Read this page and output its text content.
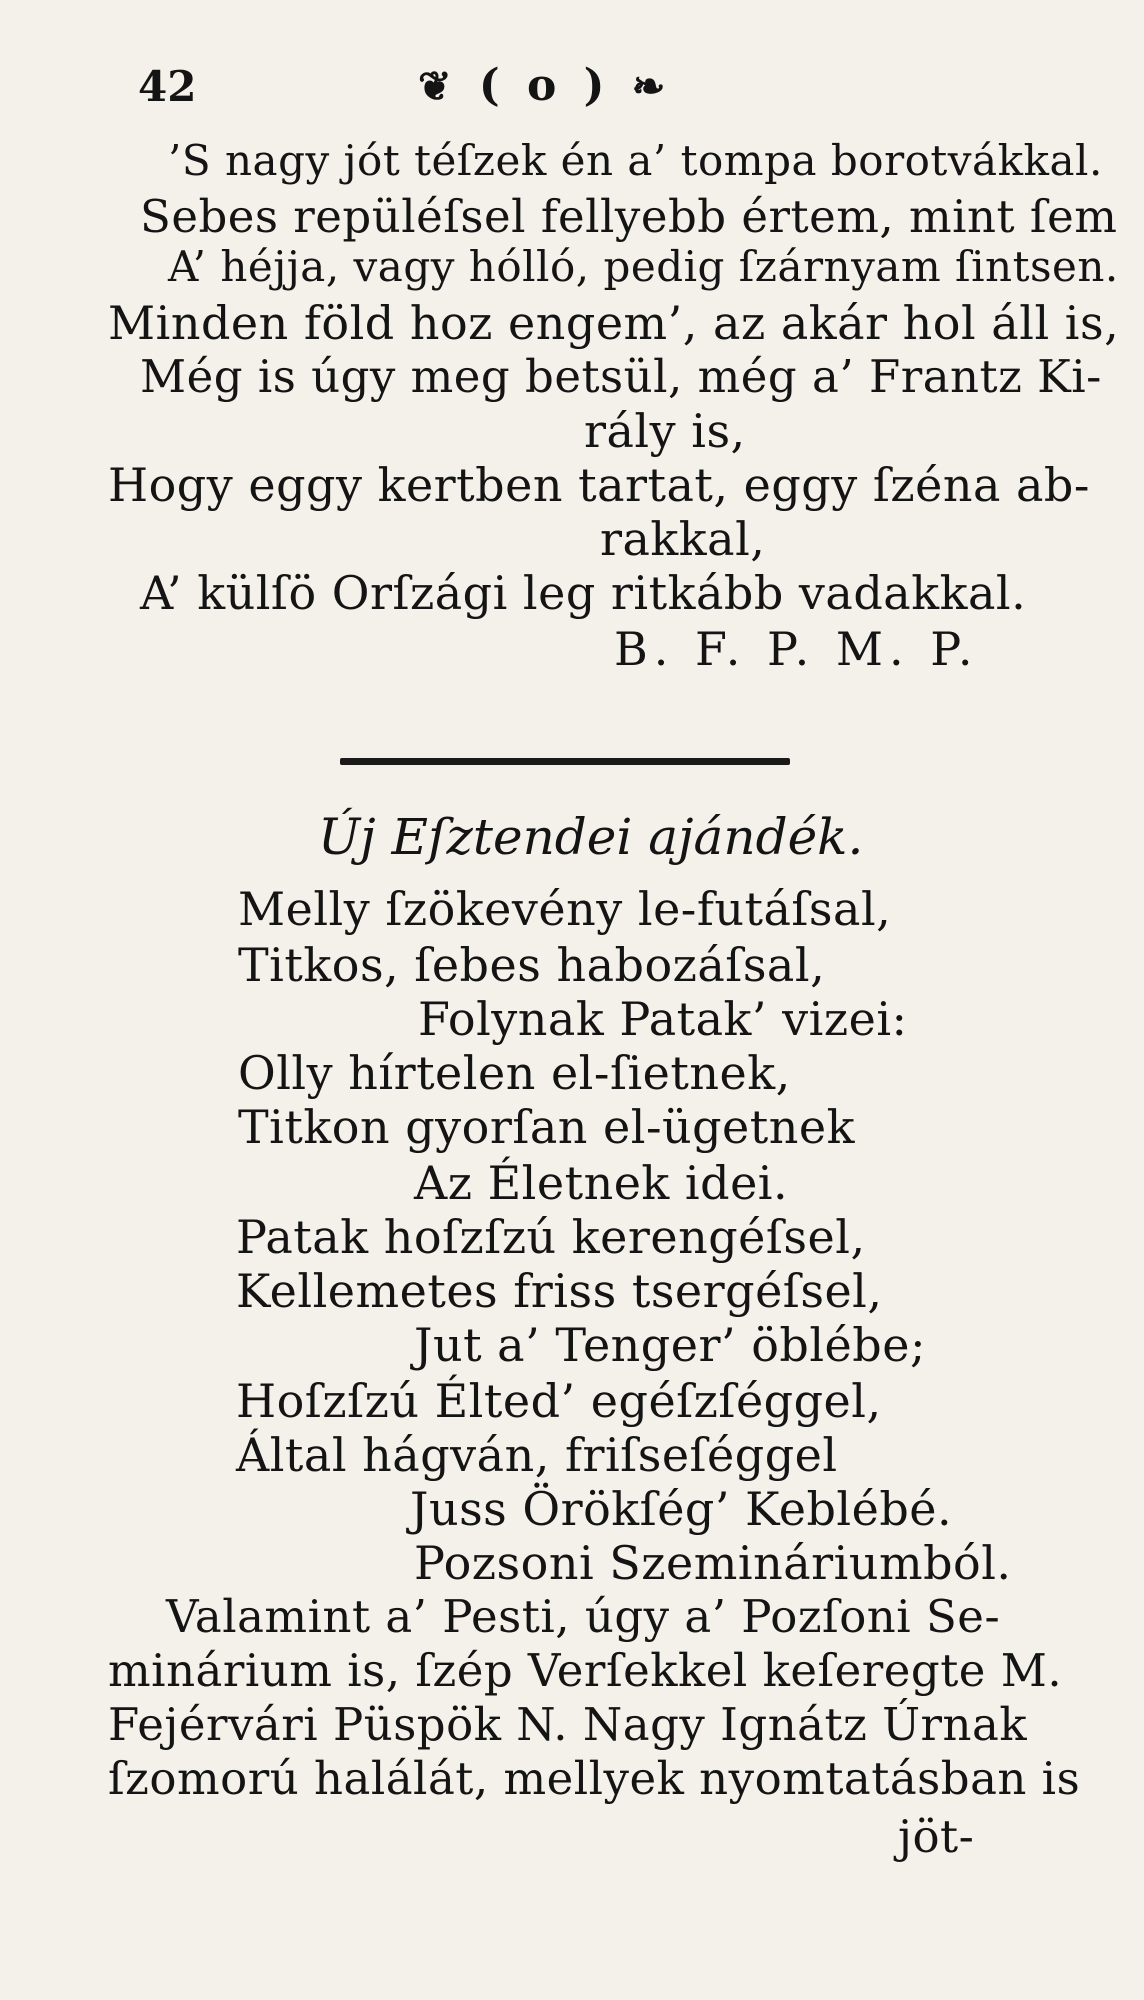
42	❦ ( o ) ❧
’S nagy jót téſzek én a’ tompa borotvákkal.
Sebes repüléſsel fellyebb értem, mint ſem
A’ héjja, vagy hólló, pedig ſzárnyam ſintsen.
Minden föld hoz engem’, az akár hol áll is,
Még is úgy meg betsül, még a’ Frantz Ki-
rály is,
Hogy eggy kertben tartat, eggy ſzéna ab-
rakkal,
A’ külſö Orſzági leg ritkább vadakkal.
B. F. P. M. P.
Új Eſztendei ajándék.
Melly ſzökevény le-futáſsal,
Titkos, ſebes habozáſsal,
Folynak Patak’ vizei:
Olly hírtelen el-ſietnek,
Titkon gyorſan el-ügetnek
Az Életnek idei.
Patak hoſzſzú kerengéſsel,
Kellemetes friss tsergéſsel,
Jut a’ Tenger’ öblébe;
Hoſzſzú Élted’ egéſzſéggel,
Által hágván, friſseſéggel
Juss Örökſég’ Keblébé.
Pozsoni Szemináriumból.
Valamint a’ Pesti, úgy a’ Pozſoni Se-
minárium is, ſzép Verſekkel keſeregte M.
Fejérvári Püspök N. Nagy Ignátz Úrnak
ſzomorú halálát, mellyek nyomtatásban is
jöt-
